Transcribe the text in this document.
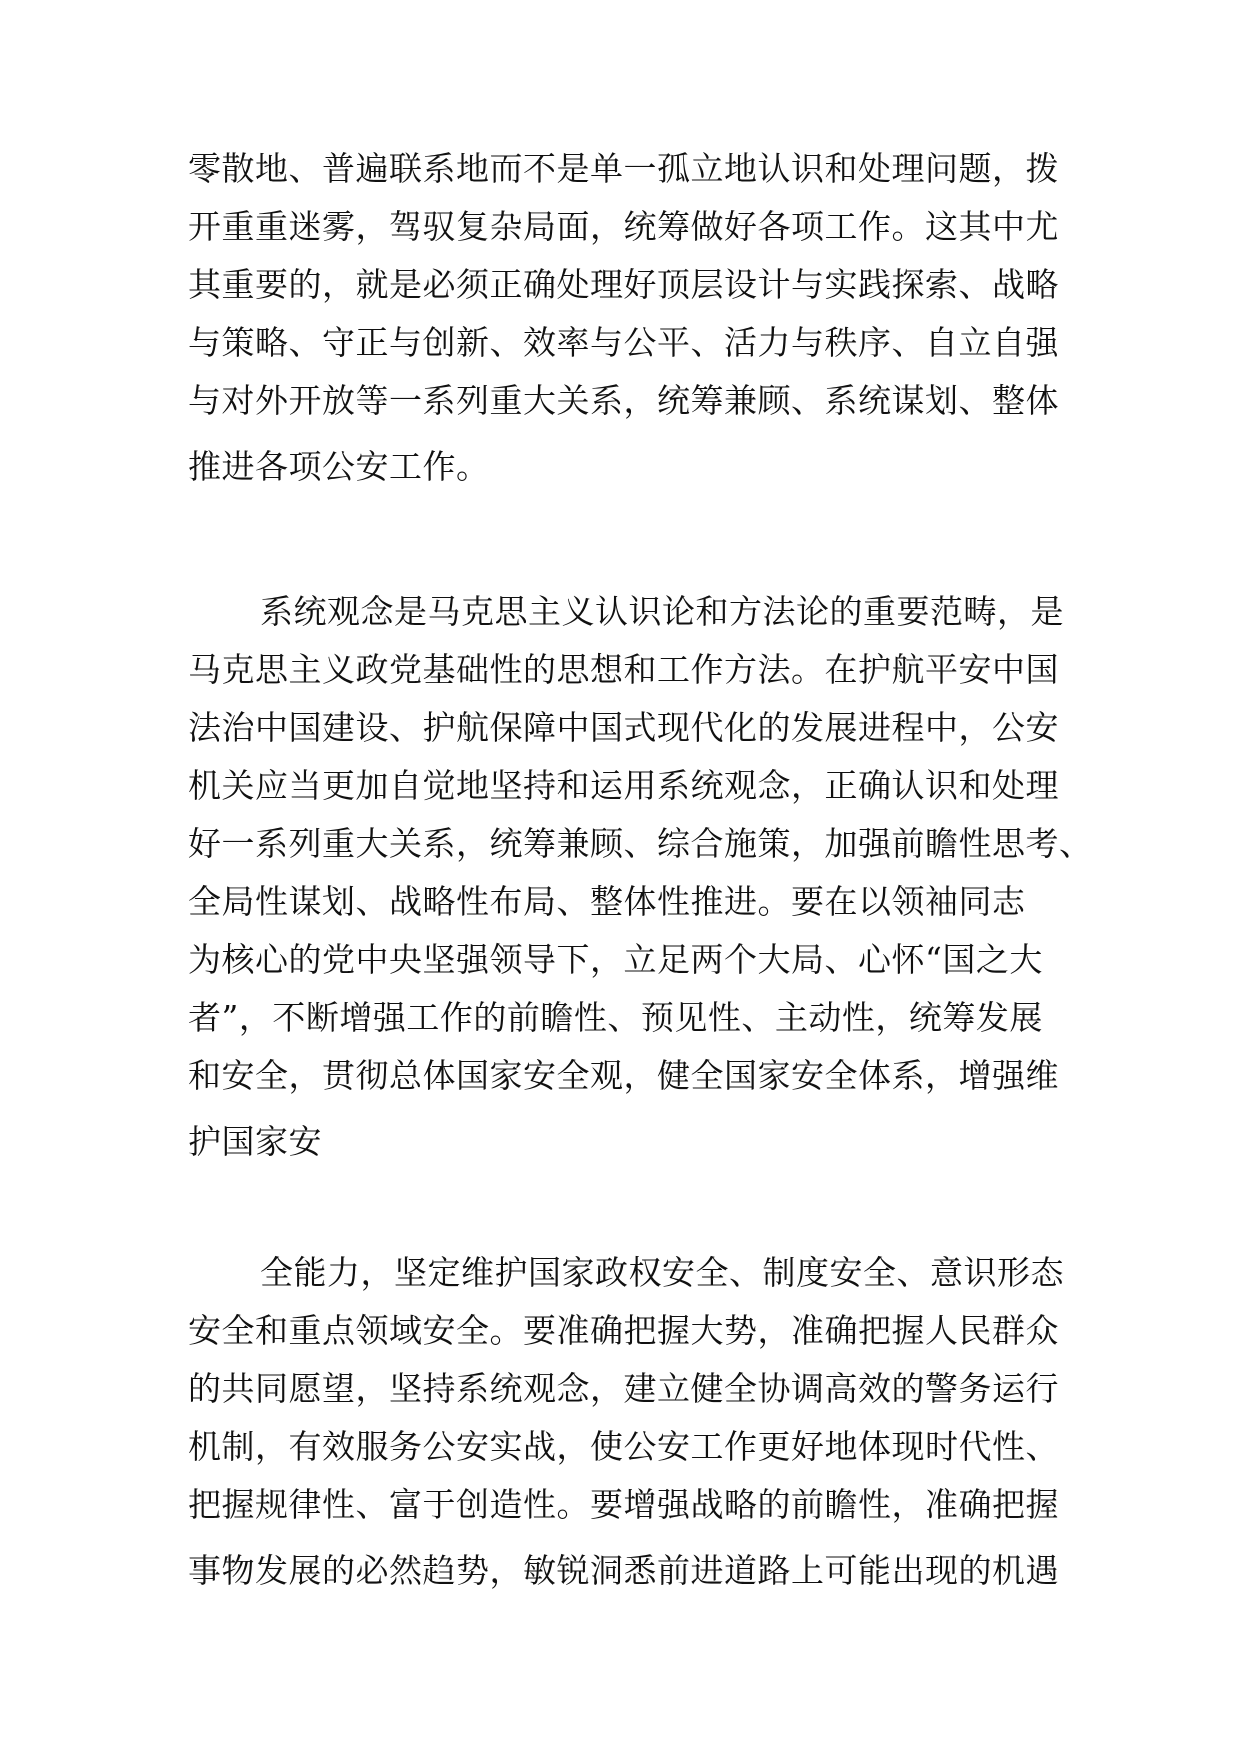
零散地、普遍联系地而不是单一孤立地认识和处理问题，拨
开重重迷雾，驾驭复杂局面，统筹做好各项工作。这其中尤
其重要的，就是必须正确处理好顶层设计与实践探索、战略
与策略、守正与创新、效率与公平、活力与秩序、自立自强
与对外开放等一系列重大关系，统筹兼顾、系统谋划、整体
推进各项公安工作。
系统观念是马克思主义认识论和方法论的重要范畴，是
马克思主义政党基础性的思想和工作方法。在护航平安中国
法治中国建设、护航保障中国式现代化的发展进程中，公安
机关应当更加自觉地坚持和运用系统观念，正确认识和处理
好一系列重大关系，统筹兼顾、综合施策，加强前瞻性思考、
全局性谋划、战略性布局、整体性推进。要在以领袖同志
为核心的党中央坚强领导下，立足两个大局、心怀“国之大
者”，不断增强工作的前瞻性、预见性、主动性，统筹发展
和安全，贯彻总体国家安全观，健全国家安全体系，增强维
护国家安
全能力，坚定维护国家政权安全、制度安全、意识形态
安全和重点领域安全。要准确把握大势，准确把握人民群众
的共同愿望，坚持系统观念，建立健全协调高效的警务运行
机制，有效服务公安实战，使公安工作更好地体现时代性、
把握规律性、富于创造性。要增强战略的前瞻性，准确把握
事物发展的必然趋势，敏锐洞悉前进道路上可能出现的机遇
